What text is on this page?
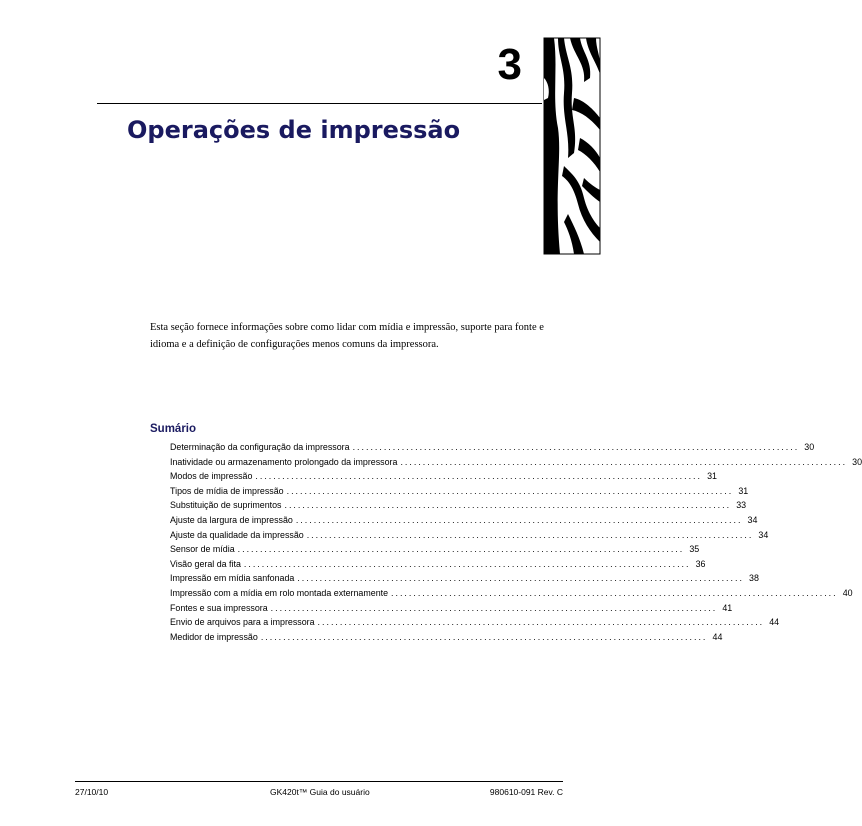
3
Operações de impressão

Esta seção fornece informações sobre como lidar com mídia e impressão, suporte para fonte e idioma e a definição de configurações menos comuns da impressora.

Sumário
Determinação da configuração da impressora .................................................................................................... 30
Inatividade ou armazenamento prolongado da impressora .................................................................................................... 30
Modos de impressão .................................................................................................... 31
Tipos de mídia de impressão .................................................................................................... 31
Substituição de suprimentos .................................................................................................... 33
Ajuste da largura de impressão .................................................................................................... 34
Ajuste da qualidade da impressão .................................................................................................... 34
Sensor de mídia .................................................................................................... 35
Visão geral da fita .................................................................................................... 36
Impressão em mídia sanfonada .................................................................................................... 38
Impressão com a mídia em rolo montada externamente .................................................................................................... 40
Fontes e sua impressora .................................................................................................... 41
Envio de arquivos para a impressora .................................................................................................... 44
Medidor de impressão .................................................................................................... 44
27/10/10	GK420t™ Guia do usuário	980610-091 Rev. C
